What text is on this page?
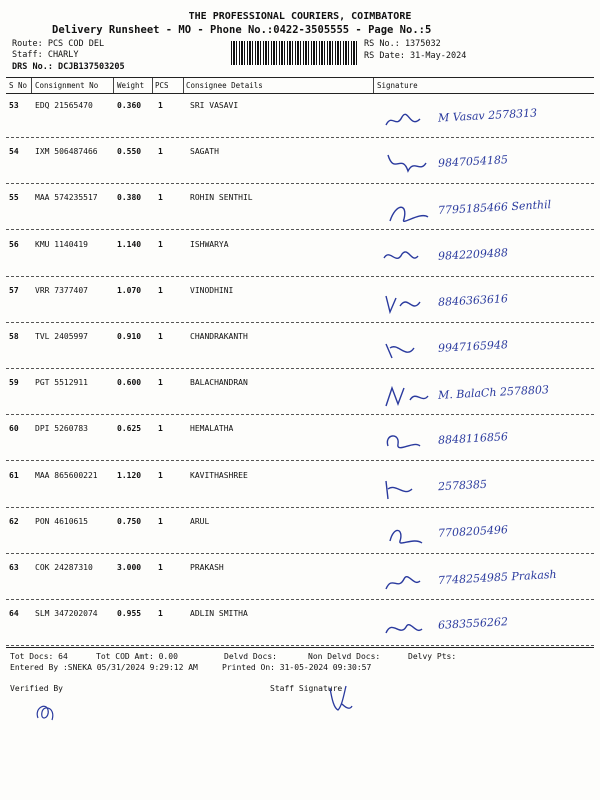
THE PROFESSIONAL COURIERS, COIMBATORE
Delivery Runsheet - MO - Phone No.:0422-3505555 - Page No.:5
Route: PCS COD DEL
Staff: CHARLY
DRS No.: DCJB137503205
RS No.: 1375032
RS Date: 31-May-2024
S No Consignment No	Weight PCS Consignee Details	Signature
53 EDQ 21565470	0.360 1	SRI VASAVI
M Vasav 2578313
54 IXM 506487466 0.550 1	SAGATH
9847054185
55 MAA 574235517 0.380 1	ROHIN SENTHIL
7795185466 Senthil
56 KMU 1140419	1.140 1	ISHWARYA
9842209488
57 VRR 7377407	1.070 1	VINODHINI
8846363616
58 TVL 2405997	0.910 1	CHANDRAKANTH
9947165948
59 PGT 5512911	0.600 1	BALACHANDRAN
M. BalaCh 2578803
60 DPI 5260783	0.625 1	HEMALATHA
8848116856
61 MAA 865600221 1.120 1	KAVITHASHREE
2578385
62 PON 4610615	0.750 1	ARUL
7708205496
63 COK 24287310	3.000 1	PRAKASH
7748254985 Prakash
64 SLM 347202074 0.955 1	ADLIN SMITHA
6383556262
Tot Docs: 64	Tot COD Amt: 0.00	Delvd Docs:	Non Delvd Docs:	Delvy Pts:
Entered By :SNEKA 05/31/2024 9:29:12 AM	Printed On: 31-05-2024 09:30:57
Verified By	Staff Signature
